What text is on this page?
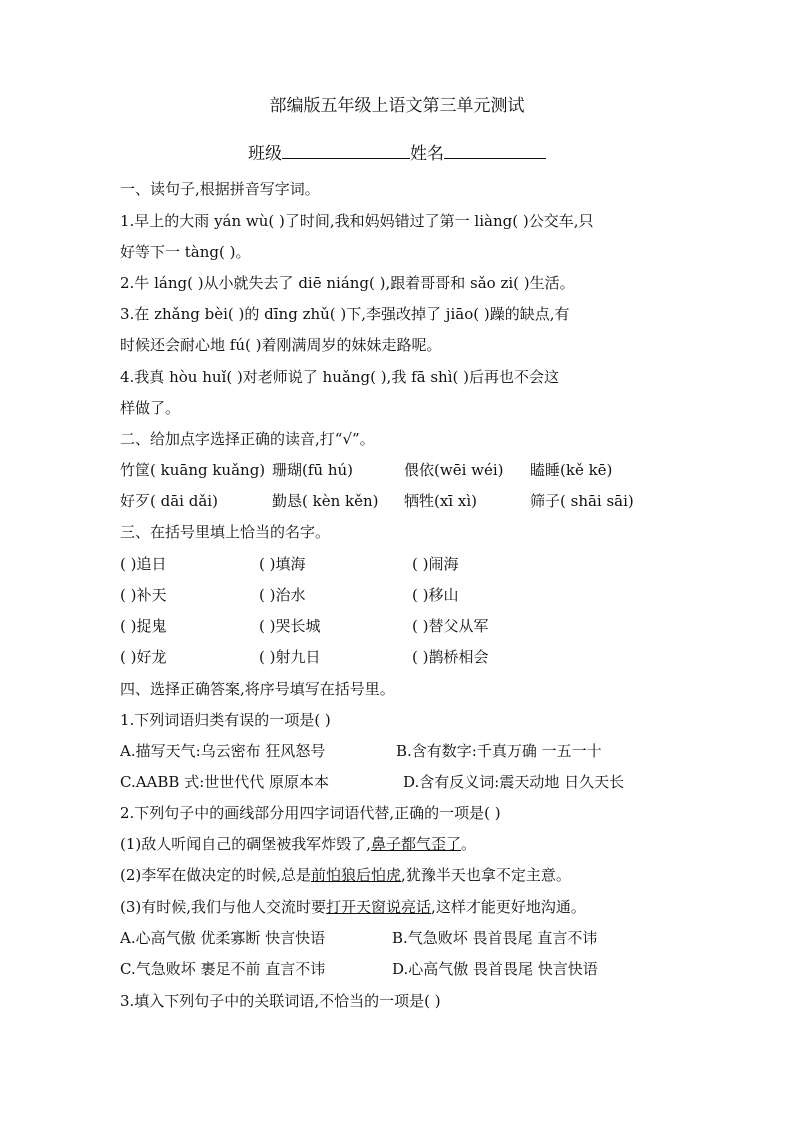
部编版五年级上语文第三单元测试
班级	姓名
一、读句子,根据拼音写字词。
1.早上的大雨 yán wù( )了时间,我和妈妈错过了第一 liàng( )公交车,只
好等下一 tàng( )。
2.牛 láng( )从小就失去了 diē niáng( ),跟着哥哥和 sǎo zi( )生活。
3.在 zhǎng bèi( )的 dīng zhǔ( )下,李强改掉了 jiāo( )躁的缺点,有
时候还会耐心地 fú( )着刚满周岁的妹妹走路呢。
4.我真 hòu huǐ( )对老师说了 huǎng( ),我 fā shì( )后再也不会这
样做了。
二、给加点字选择正确的读音,打“√”。
竹筐( kuāng kuǎng) 珊瑚(fū hú)	偎依(wēi wéi) 瞌睡(kě kē)
好歹( dāi dǎi)	勤恳( kèn kěn) 牺牲(xī xì)	筛子( shāi sāi)
三、在括号里填上恰当的名字。
( )追日	( )填海	( )闹海
( )补天	( )治水	( )移山
( )捉鬼	( )哭长城	( )替父从军
( )好龙	( )射九日	( )鹊桥相会
四、选择正确答案,将序号填写在括号里。
1.下列词语归类有误的一项是( )
A.描写天气:乌云密布 狂风怒号	B.含有数字:千真万确 一五一十
C.AABB 式:世世代代 原原本本	D.含有反义词:震天动地 日久天长
2.下列句子中的画线部分用四字词语代替,正确的一项是( )
(1)敌人听闻自己的碉堡被我军炸毁了,鼻子都气歪了。
(2)李军在做决定的时候,总是前怕狼后怕虎,犹豫半天也拿不定主意。
(3)有时候,我们与他人交流时要打开天窗说亮话,这样才能更好地沟通。
A.心高气傲 优柔寡断 快言快语	B.气急败坏 畏首畏尾 直言不讳
C.气急败坏 裹足不前 直言不讳	D.心高气傲 畏首畏尾 快言快语
3.填入下列句子中的关联词语,不恰当的一项是( )
